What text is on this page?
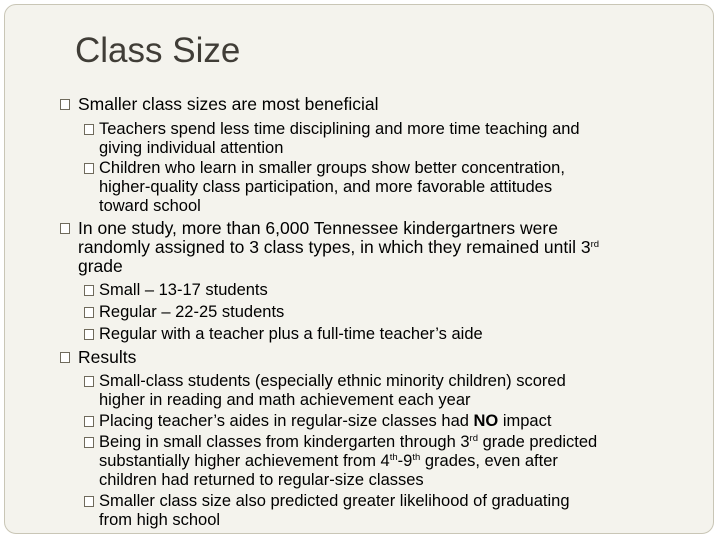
Class Size
Smaller class sizes are most beneficial
Teachers spend less time disciplining and more time teaching and
giving individual attention
Children who learn in smaller groups show better concentration,
higher-quality class participation, and more favorable attitudes
toward school
In one study, more than 6,000 Tennessee kindergartners were
randomly assigned to 3 class types, in which they remained until 3rd
grade
Small – 13-17 students
Regular – 22-25 students
Regular with a teacher plus a full-time teacher’s aide
Results
Small-class students (especially ethnic minority children) scored
higher in reading and math achievement each year
Placing teacher’s aides in regular-size classes had NO impact
Being in small classes from kindergarten through 3rd grade predicted
substantially higher achievement from 4th-9th grades, even after
children had returned to regular-size classes
Smaller class size also predicted greater likelihood of graduating
from high school
